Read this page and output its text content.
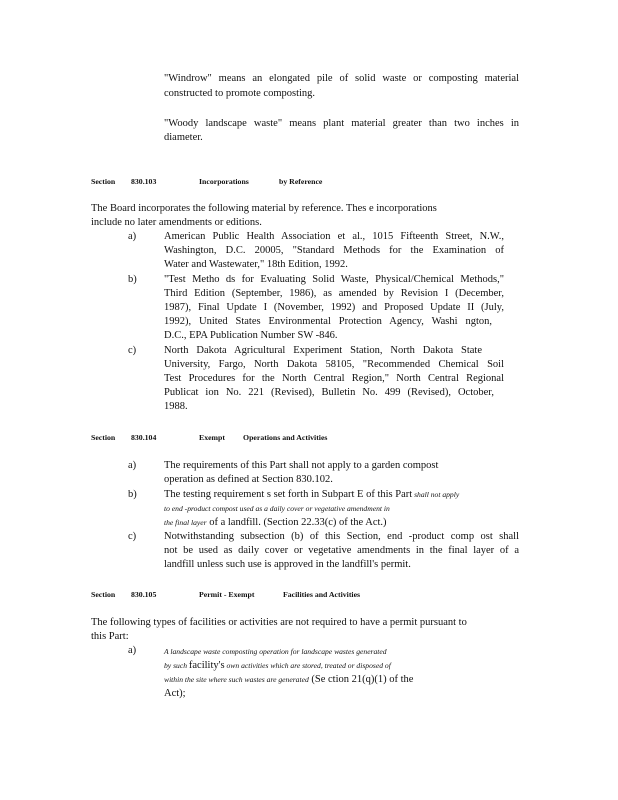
"Windrow" means an elongated pile of solid waste or composting material
constructed to promote composting.
"Woody landscape waste" means plant material greater than two inches in
diameter.
Section 830.103	Incorporations	by Reference
The Board incorporates the following material by reference. Thes e incorporations
include no later amendments or editions.
a)	American Public Health Association et al., 1015 Fifteenth Street, N.W.,
Washington, D.C. 20005, "Standard Methods for the Examination of
Water and Wastewater," 18th Edition, 1992.
b)	"Test Metho ds for Evaluating Solid Waste, Physical/Chemical Methods,"
Third Edition (September, 1986), as amended by Revision I (December,
1987), Final Update I (November, 1992) and Proposed Update II (July,
1992), United States Environmental Protection Agency, Washi ngton,
D.C., EPA Publication Number SW -846.
c)	North Dakota Agricultural Experiment Station, North Dakota State
University, Fargo, North Dakota 58105, "Recommended Chemical Soil
Test Procedures for the North Central Region," North Central Regional
Publicat ion No. 221 (Revised), Bulletin No. 499 (Revised), October,
1988.
Section 830.104	Exempt Operations and Activities
a)	The requirements of this Part shall not apply to a garden compost
operation as defined at Section 830.102.
b)	The testing requirement s set forth in Subpart E of this Part shall not apply
to end -product compost used as a daily cover or vegetative amendment in
the final layer of a landfill. (Section 22.33(c) of the Act.)
c)	Notwithstanding subsection (b) of this Section, end -product comp ost shall
not be used as daily cover or vegetative amendments in the final layer of a
landfill unless such use is approved in the landfill's permit.
Section 830.105	Permit - Exempt	Facilities and Activities
The following types of facilities or activities are not required to have a permit pursuant to
this Part:
a)	A landscape waste composting operation for landscape wastes generated
by such facility's own activities which are stored, treated or disposed of
within the site where such wastes are generated (Se ction 21(q)(1) of the
Act);
